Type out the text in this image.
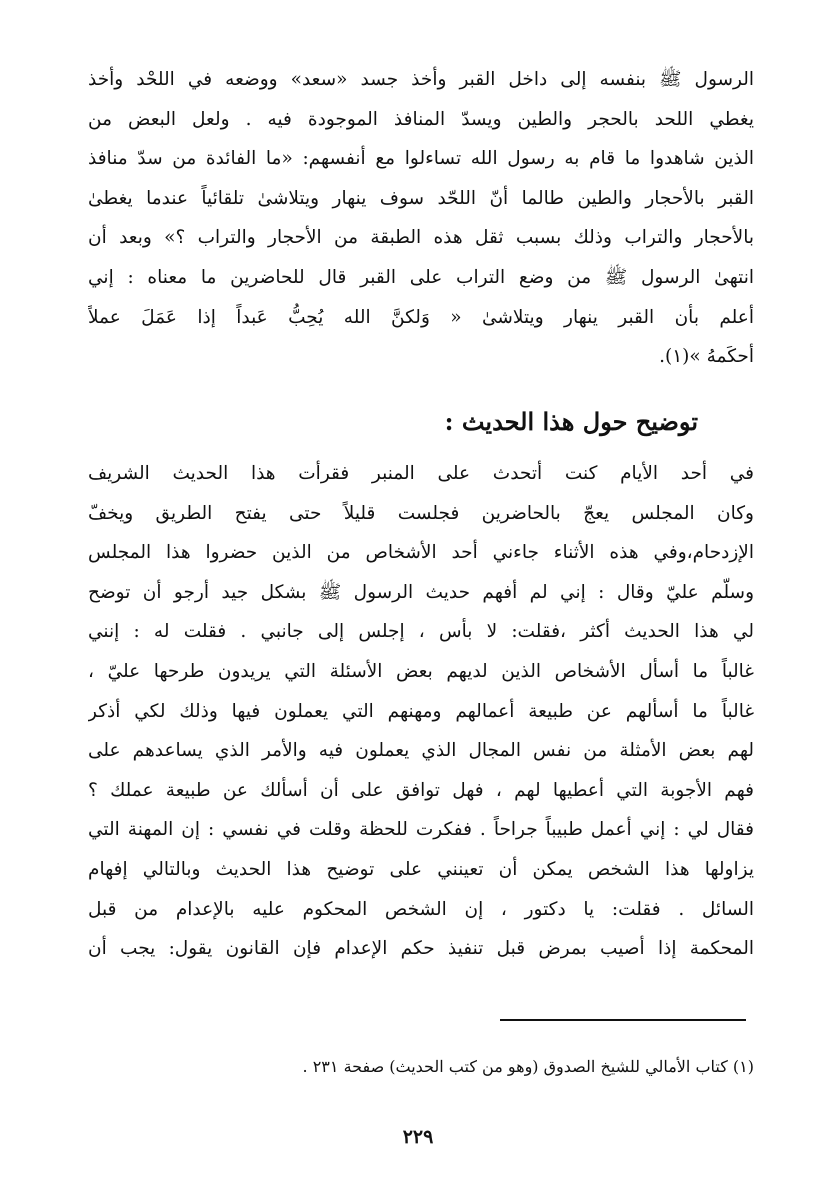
الرسول ﷺ بنفسه إلى داخل القبر وأخذ جسد «سعد» ووضعه في اللحْد وأخذ
يغطي اللحد بالحجر والطين ويسدّ المنافذ الموجودة فيه . ولعل البعض من
الذين شاهدوا ما قام به رسول الله تساءلوا مع أنفسهم: «ما الفائدة من سدّ منافذ
القبر بالأحجار والطين طالما أنّ اللحّد سوف ينهار ويتلاشىٰ تلقائياً عندما يغطىٰ
بالأحجار والتراب وذلك بسبب ثقل هذه الطبقة من الأحجار والتراب ؟» وبعد أن
انتهىٰ الرسول ﷺ من وضع التراب على القبر قال للحاضرين ما معناه : إني
أعلم بأن القبر ينهار ويتلاشىٰ « وَلكنَّ الله يُحِبُّ عَبداً إذا عَمَلَ عملاً
أحكَمهُ »(١).
توضيح حول هذا الحديث :
في أحد الأيام كنت أتحدث على المنبر فقرأت هذا الحديث الشريف
وكان المجلس يعجّ بالحاضرين فجلست قليلاً حتى يفتح الطريق ويخفّ
الإزدحام،وفي هذه الأثناء جاءني أحد الأشخاص من الذين حضروا هذا المجلس
وسلّم عليّ وقال : إني لم أفهم حديث الرسول ﷺ بشكل جيد أرجو أن توضح
لي هذا الحديث أكثر ،فقلت: لا بأس ، إجلس إلى جانبي . فقلت له : إنني
غالباً ما أسأل الأشخاص الذين لديهم بعض الأسئلة التي يريدون طرحها عليّ ،
غالباً ما أسألهم عن طبيعة أعمالهم ومهنهم التي يعملون فيها وذلك لكي أذكر
لهم بعض الأمثلة من نفس المجال الذي يعملون فيه والأمر الذي يساعدهم على
فهم الأجوبة التي أعطيها لهم ، فهل توافق على أن أسألك عن طبيعة عملك ؟
فقال لي : إني أعمل طبيباً جراحاً . ففكرت للحظة وقلت في نفسي : إن المهنة التي
يزاولها هذا الشخص يمكن أن تعينني على توضيح هذا الحديث وبالتالي إفهام
السائل . فقلت: يا دكتور ، إن الشخص المحكوم عليه بالإعدام من قبل
المحكمة إذا أصيب بمرض قبل تنفيذ حكم الإعدام فإن القانون يقول: يجب أن
(١) كتاب الأمالي للشيخ الصدوق (وهو من كتب الحديث) صفحة ٢٣١ .
٢٢٩
